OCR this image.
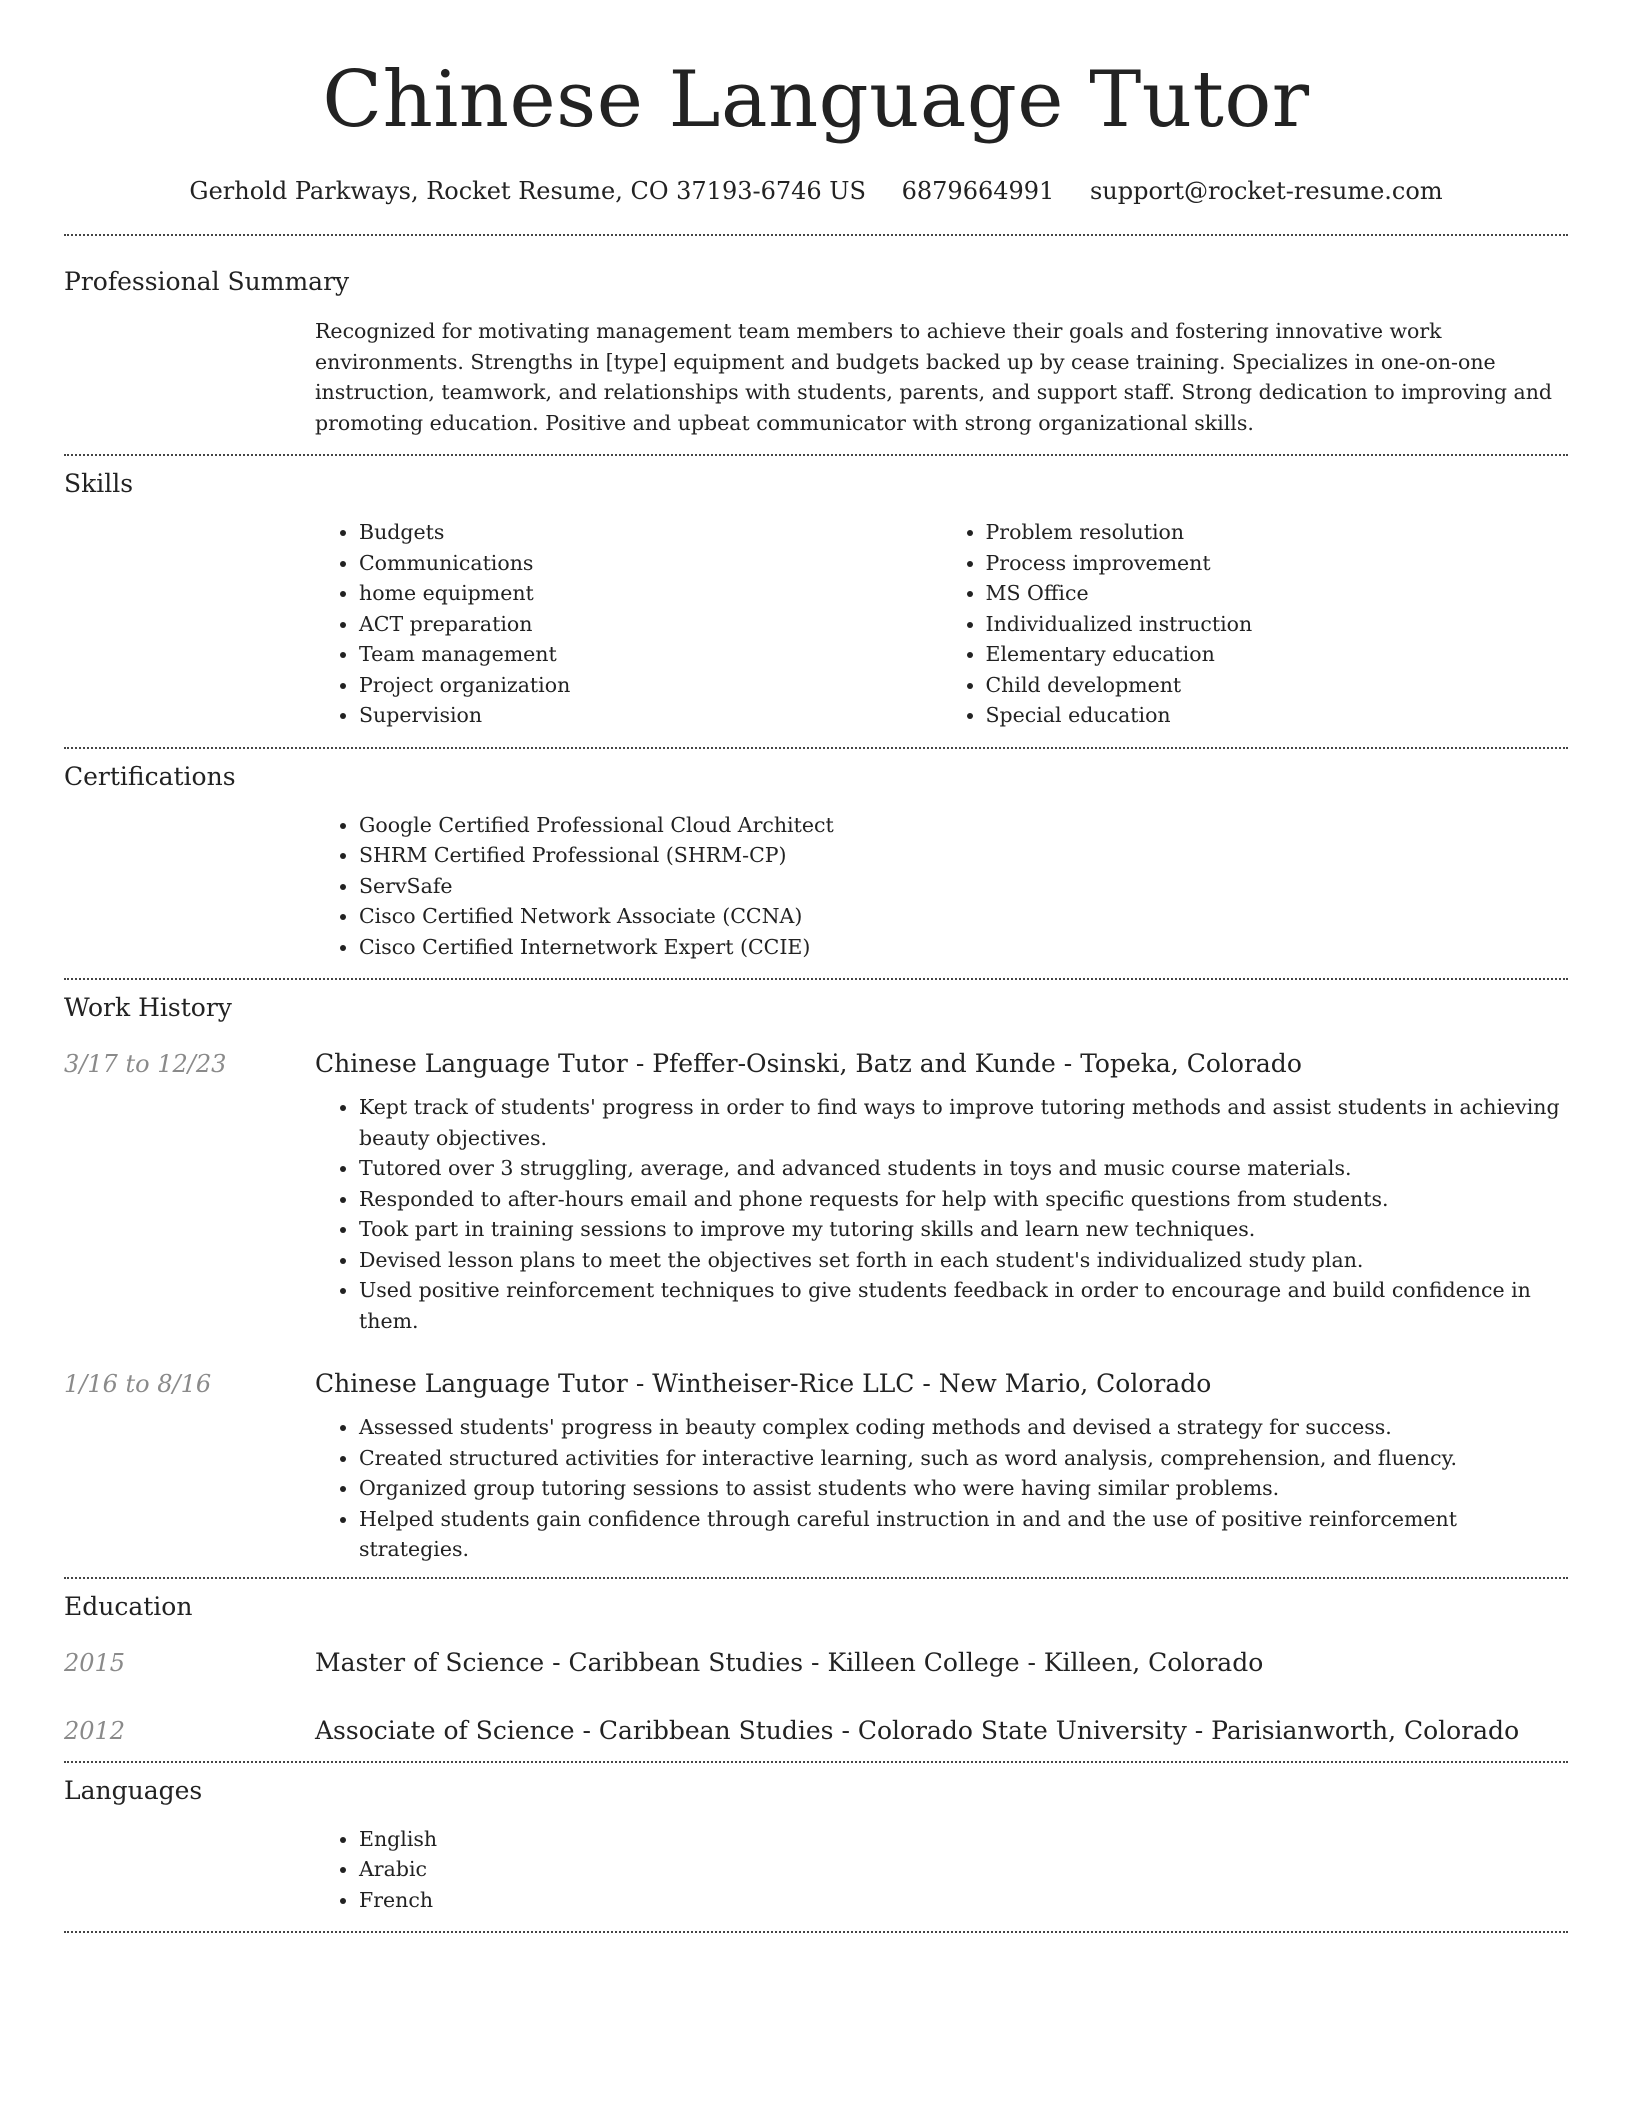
Chinese Language Tutor
Gerhold Parkways, Rocket Resume, CO 37193-6746 US 6879664991 support@rocket-resume.com
Professional Summary
Recognized for motivating management team members to achieve their goals and fostering innovative work environments. Strengths in [type] equipment and budgets backed up by cease training. Specializes in one-on-one instruction, teamwork, and relationships with students, parents, and support staff. Strong dedication to improving and promoting education. Positive and upbeat communicator with strong organizational skills.
Skills
• Budgets
• Communications
• home equipment
• ACT preparation
• Team management
• Project organization
• Supervision
• Problem resolution
• Process improvement
• MS Office
• Individualized instruction
• Elementary education
• Child development
• Special education
Certifications
• Google Certified Professional Cloud Architect
• SHRM Certified Professional (SHRM-CP)
• ServSafe
• Cisco Certified Network Associate (CCNA)
• Cisco Certified Internetwork Expert (CCIE)
Work History
3/17 to 12/23	Chinese Language Tutor - Pfeffer-Osinski, Batz and Kunde - Topeka, Colorado
• Kept track of students' progress in order to find ways to improve tutoring methods and assist students in achieving beauty objectives.
• Tutored over 3 struggling, average, and advanced students in toys and music course materials.
• Responded to after-hours email and phone requests for help with specific questions from students.
• Took part in training sessions to improve my tutoring skills and learn new techniques.
• Devised lesson plans to meet the objectives set forth in each student's individualized study plan.
• Used positive reinforcement techniques to give students feedback in order to encourage and build confidence in them.
1/16 to 8/16	Chinese Language Tutor - Wintheiser-Rice LLC - New Mario, Colorado
• Assessed students' progress in beauty complex coding methods and devised a strategy for success.
• Created structured activities for interactive learning, such as word analysis, comprehension, and fluency.
• Organized group tutoring sessions to assist students who were having similar problems.
• Helped students gain confidence through careful instruction in and and the use of positive reinforcement strategies.
Education
2015	Master of Science - Caribbean Studies - Killeen College - Killeen, Colorado
2012	Associate of Science - Caribbean Studies - Colorado State University - Parisianworth, Colorado
Languages
• English
• Arabic
• French
